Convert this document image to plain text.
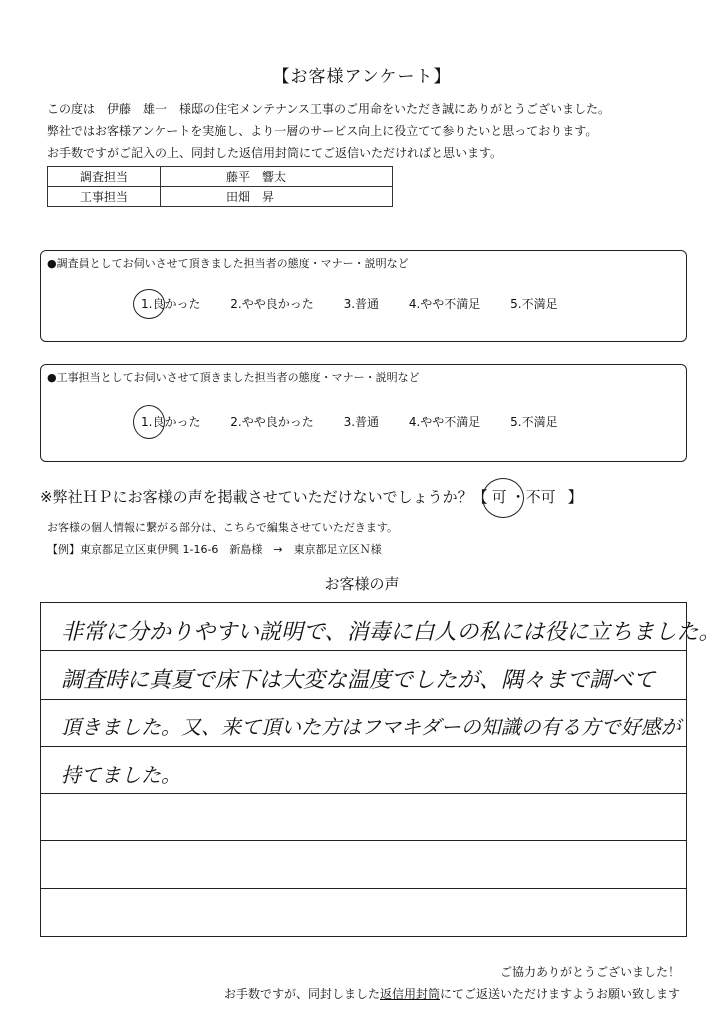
【お客様アンケート】
この度は　伊藤　雄一　様邸の住宅メンテナンス工事のご用命をいただき誠にありがとうございました。
弊社ではお客様アンケートを実施し、より一層のサービス向上に役立てて参りたいと思っております。
お手数ですがご記入の上、同封した返信用封筒にてご返信いただければと思います。
調査担当	藤平　響太
工事担当	田畑　昇
●調査員としてお伺いさせて頂きました担当者の態度・マナー・説明など
1.良かった 2.やや良かった 3.普通 4.やや不満足 5.不満足
●工事担当としてお伺いさせて頂きました担当者の態度・マナー・説明など
1.良かった 2.やや良かった 3.普通 4.やや不満足 5.不満足
※弊社ＨＰにお客様の声を掲載させていただけないでしょうか？【 可 ・不可 】
お客様の個人情報に繋がる部分は、こちらで編集させていただきます。
【例】東京都足立区東伊興 1-16-6　新島様　→　東京都足立区Ｎ様
お客様の声
非常に分かりやすい説明で、消毒に白人の私には役に立ちました。
調査時に真夏で床下は大変な温度でしたが、隅々まで調べて
頂きました。又、来て頂いた方はフマキダーの知識の有る方で好感が
持てました。
ご協力ありがとうございました！
お手数ですが、同封しました返信用封筒にてご返送いただけますようお願い致します
